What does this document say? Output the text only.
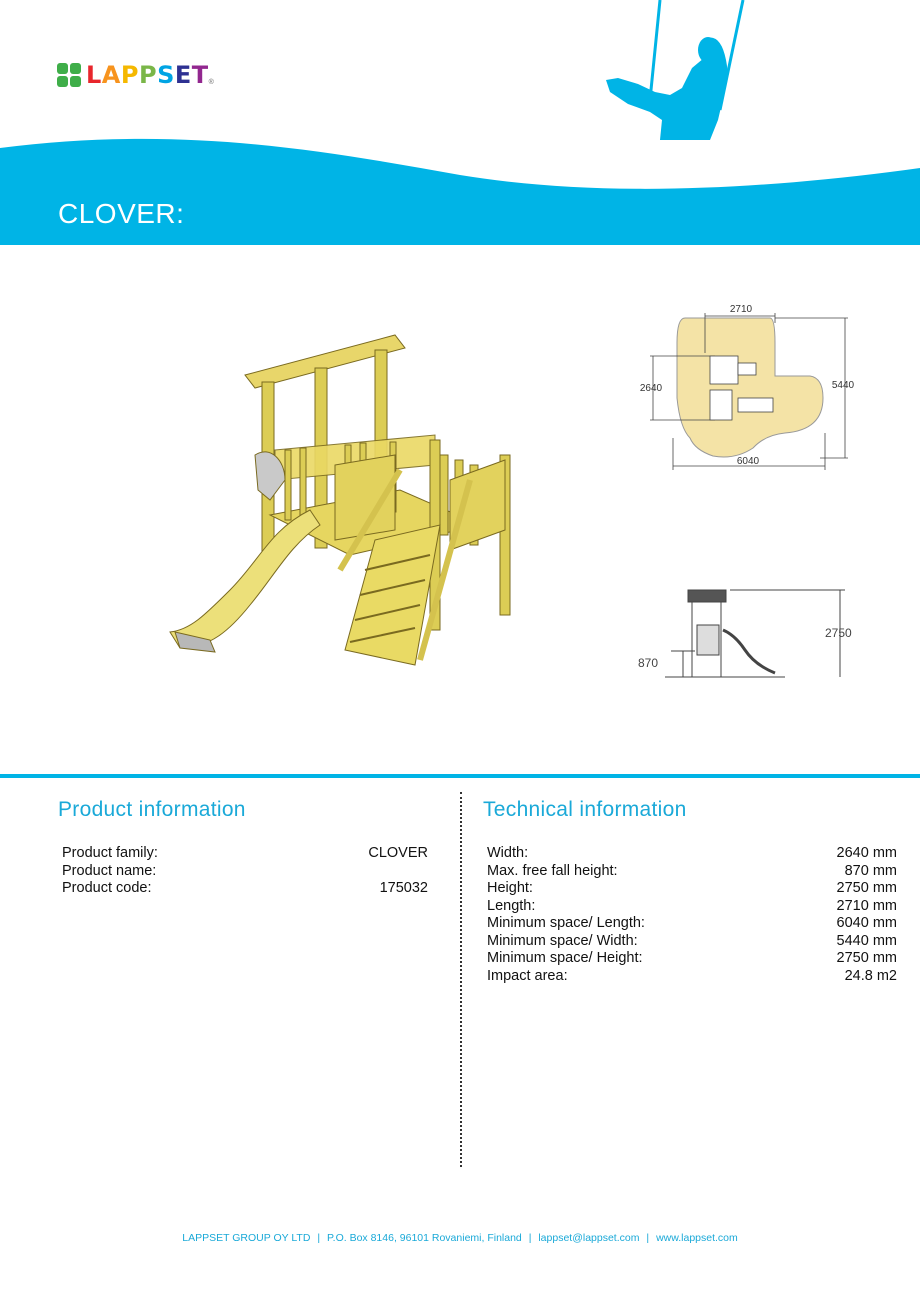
LAPPSET ®
CLOVER:
2710
2640	5440
6040
2750
870
Product information	Technical information
Product family:	CLOVER
Product name:
Product code:	175032
Width:	2640 mm
Max. free fall height:	870 mm
Height:	2750 mm
Length:	2710 mm
Minimum space/ Length:	6040 mm
Minimum space/ Width:	5440 mm
Minimum space/ Height:	2750 mm
Impact area:	24.8 m2
LAPPSET GROUP OY LTD | P.O. Box 8146, 96101 Rovaniemi, Finland | lappset@lappset.com | www.lappset.com
